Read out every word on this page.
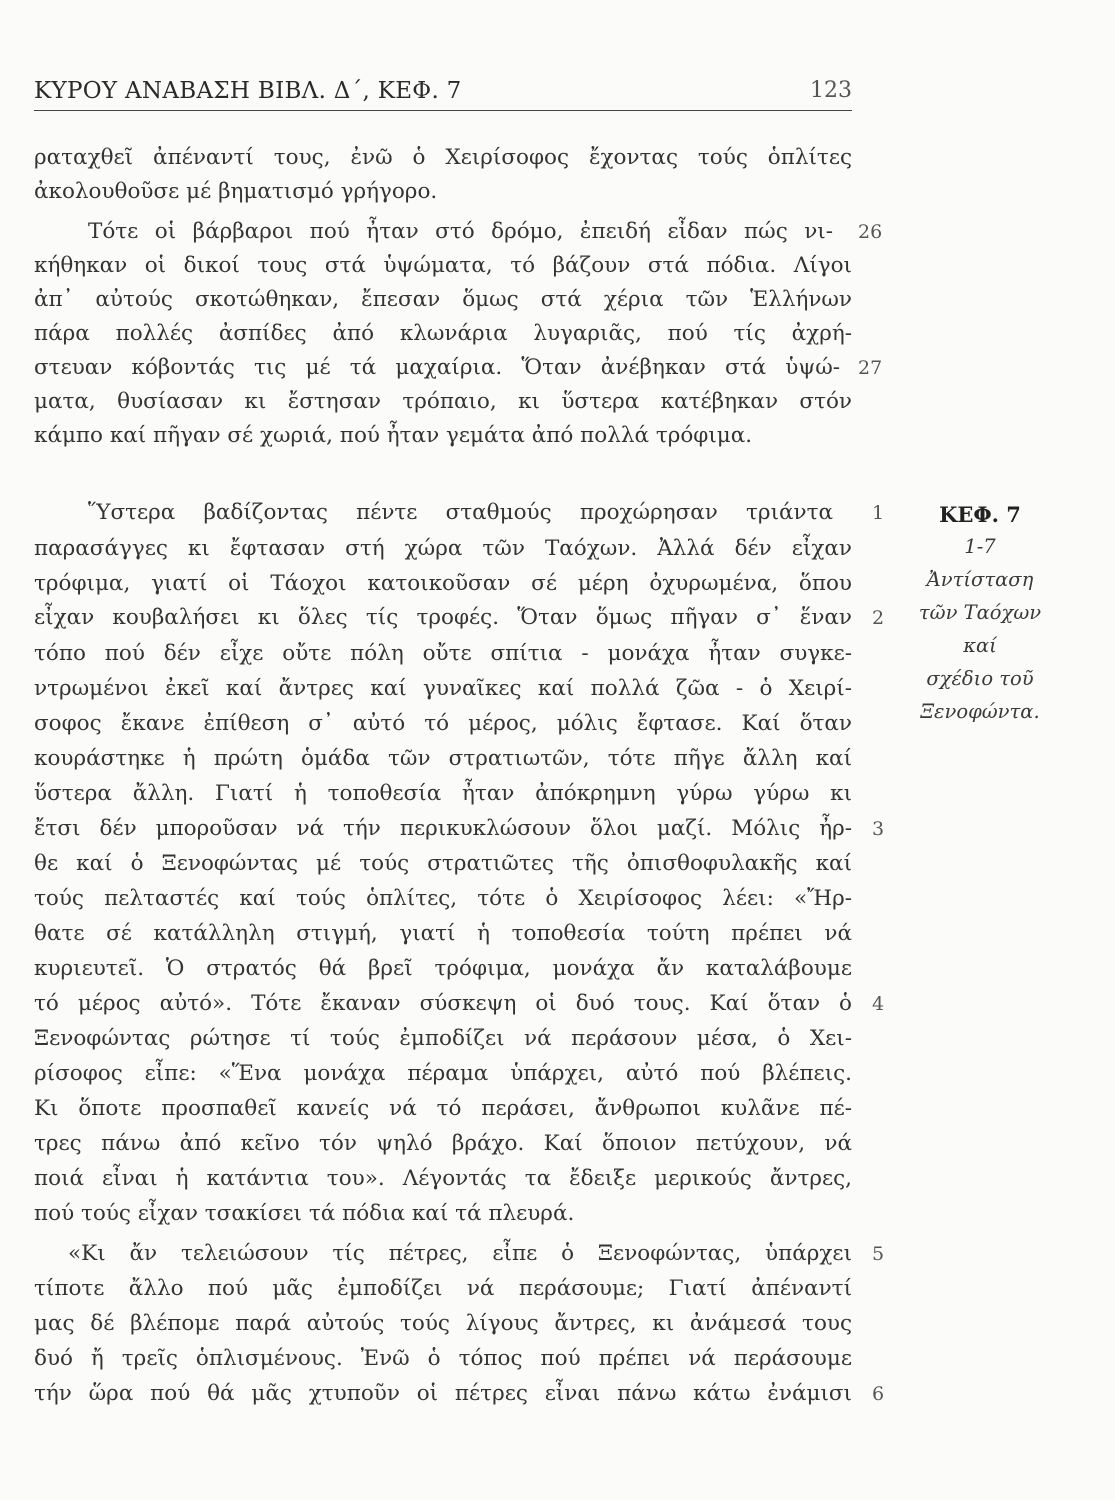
ΚΥΡΟΥ ΑΝΑΒΑΣΗ ΒΙΒΛ. Δ΄, ΚΕΦ. 7	123
ραταχθεῖ ἀπέναντί τους, ἐνῶ ὁ Χειρίσοφος ἔχοντας τούς ὁπλίτες
ἀκολουθοῦσε μέ βηματισμό γρήγορο.
Τότε οἱ βάρβαροι πού ἦταν στό δρόμο, ἐπειδή εἶδαν πώς νι-
κήθηκαν οἱ δικοί τους στά ὑψώματα, τό βάζουν στά πόδια. Λίγοι
ἀπ᾽ αὐτούς σκοτώθηκαν, ἔπεσαν ὅμως στά χέρια τῶν Ἑλλήνων
πάρα πολλές ἀσπίδες ἀπό κλωνάρια λυγαριᾶς, πού τίς ἀχρή-
στευαν κόβοντάς τις μέ τά μαχαίρια. Ὅταν ἀνέβηκαν στά ὑψώ-
ματα, θυσίασαν κι ἔστησαν τρόπαιο, κι ὕστερα κατέβηκαν στόν
κάμπο καί πῆγαν σέ χωριά, πού ἦταν γεμάτα ἀπό πολλά τρόφιμα.
Ὕστερα βαδίζοντας πέντε σταθμούς προχώρησαν τριάντα
παρασάγγες κι ἔφτασαν στή χώρα τῶν Ταόχων. Ἀλλά δέν εἶχαν
τρόφιμα, γιατί οἱ Τάοχοι κατοικοῦσαν σέ μέρη ὀχυρωμένα, ὅπου
εἶχαν κουβαλήσει κι ὅλες τίς τροφές. Ὅταν ὅμως πῆγαν σ᾽ ἕναν
τόπο πού δέν εἶχε οὔτε πόλη οὔτε σπίτια - μονάχα ἦταν συγκε-
ντρωμένοι ἐκεῖ καί ἄντρες καί γυναῖκες καί πολλά ζῶα - ὁ Χειρί-
σοφος ἔκανε ἐπίθεση σ᾽ αὐτό τό μέρος, μόλις ἔφτασε. Καί ὅταν
κουράστηκε ἡ πρώτη ὁμάδα τῶν στρατιωτῶν, τότε πῆγε ἄλλη καί
ὕστερα ἄλλη. Γιατί ἡ τοποθεσία ἦταν ἀπόκρημνη γύρω γύρω κι
ἔτσι δέν μποροῦσαν νά τήν περικυκλώσουν ὅλοι μαζί. Μόλις ἦρ-
θε καί ὁ Ξενοφώντας μέ τούς στρατιῶτες τῆς ὀπισθοφυλακῆς καί
τούς πελταστές καί τούς ὁπλίτες, τότε ὁ Χειρίσοφος λέει: «Ἤρ-
θατε σέ κατάλληλη στιγμή, γιατί ἡ τοποθεσία τούτη πρέπει νά
κυριευτεῖ. Ὁ στρατός θά βρεῖ τρόφιμα, μονάχα ἄν καταλάβουμε
τό μέρος αὐτό». Τότε ἔκαναν σύσκεψη οἱ δυό τους. Καί ὅταν ὁ
Ξενοφώντας ρώτησε τί τούς ἐμποδίζει νά περάσουν μέσα, ὁ Χει-
ρίσοφος εἶπε: «Ἕνα μονάχα πέραμα ὑπάρχει, αὐτό πού βλέπεις.
Κι ὅποτε προσπαθεῖ κανείς νά τό περάσει, ἄνθρωποι κυλᾶνε πέ-
τρες πάνω ἀπό κεῖνο τόν ψηλό βράχο. Καί ὅποιον πετύχουν, νά
ποιά εἶναι ἡ κατάντια του». Λέγοντάς τα ἔδειξε μερικούς ἄντρες,
πού τούς εἶχαν τσακίσει τά πόδια καί τά πλευρά.
«Κι ἄν τελειώσουν τίς πέτρες, εἶπε ὁ Ξενοφώντας, ὑπάρχει
τίποτε ἄλλο πού μᾶς ἐμποδίζει νά περάσουμε; Γιατί ἀπέναντί
μας δέ βλέπομε παρά αὐτούς τούς λίγους ἄντρες, κι ἀνάμεσά τους
δυό ἤ τρεῖς ὁπλισμένους. Ἐνῶ ὁ τόπος πού πρέπει νά περάσουμε
τήν ὥρα πού θά μᾶς χτυποῦν οἱ πέτρες εἶναι πάνω κάτω ἐνάμισι
26
27
1
2
3
4
5
6
ΚΕΦ. 7
1-7
Ἀντίσταση
τῶν Ταόχων
καί
σχέδιο τοῦ
Ξενοφώντα.
